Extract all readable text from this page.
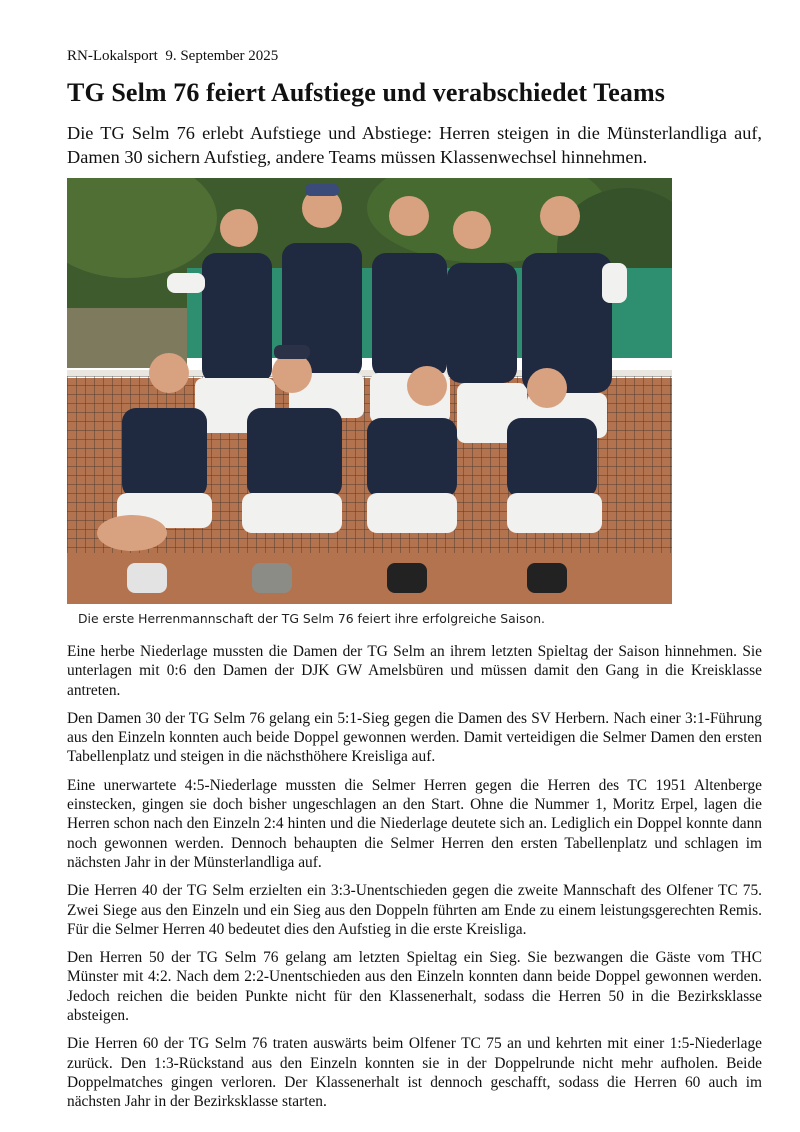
RN-Lokalsport 9. September 2025
TG Selm 76 feiert Aufstiege und verabschiedet Teams

Die TG Selm 76 erlebt Aufstiege und Abstiege: Herren steigen in die Münsterlandliga auf, Damen 30 sichern Aufstieg, andere Teams müssen Klassenwechsel hinnehmen.

Die erste Herrenmannschaft der TG Selm 76 feiert ihre erfolgreiche Saison.

Eine herbe Niederlage mussten die Damen der TG Selm an ihrem letzten Spieltag der Saison hinnehmen. Sie unterlagen mit 0:6 den Damen der DJK GW Amelsbüren und müssen damit den Gang in die Kreisklasse antreten.

Den Damen 30 der TG Selm 76 gelang ein 5:1-Sieg gegen die Damen des SV Herbern. Nach einer 3:1-Führung aus den Einzeln konnten auch beide Doppel gewonnen werden. Damit verteidigen die Selmer Damen den ersten Tabellenplatz und steigen in die nächsthöhere Kreisliga auf.

Eine unerwartete 4:5-Niederlage mussten die Selmer Herren gegen die Herren des TC 1951 Altenberge einstecken, gingen sie doch bisher ungeschlagen an den Start. Ohne die Nummer 1, Moritz Erpel, lagen die Herren schon nach den Einzeln 2:4 hinten und die Niederlage deutete sich an. Lediglich ein Doppel konnte dann noch gewonnen werden. Dennoch behaupten die Selmer Herren den ersten Tabellenplatz und schlagen im nächsten Jahr in der Münsterlandliga auf.

Die Herren 40 der TG Selm erzielten ein 3:3-Unentschieden gegen die zweite Mannschaft des Olfener TC 75. Zwei Siege aus den Einzeln und ein Sieg aus den Doppeln führten am Ende zu einem leistungsgerechten Remis. Für die Selmer Herren 40 bedeutet dies den Aufstieg in die erste Kreisliga.

Den Herren 50 der TG Selm 76 gelang am letzten Spieltag ein Sieg. Sie bezwangen die Gäste vom THC Münster mit 4:2. Nach dem 2:2-Unentschieden aus den Einzeln konnten dann beide Doppel gewonnen werden. Jedoch reichen die beiden Punkte nicht für den Klassenerhalt, sodass die Herren 50 in die Bezirksklasse absteigen.

Die Herren 60 der TG Selm 76 traten auswärts beim Olfener TC 75 an und kehrten mit einer 1:5-Niederlage zurück. Den 1:3-Rückstand aus den Einzeln konnten sie in der Doppelrunde nicht mehr aufholen. Beide Doppelmatches gingen verloren. Der Klassenerhalt ist dennoch geschafft, sodass die Herren 60 auch im nächsten Jahr in der Bezirksklasse starten.
